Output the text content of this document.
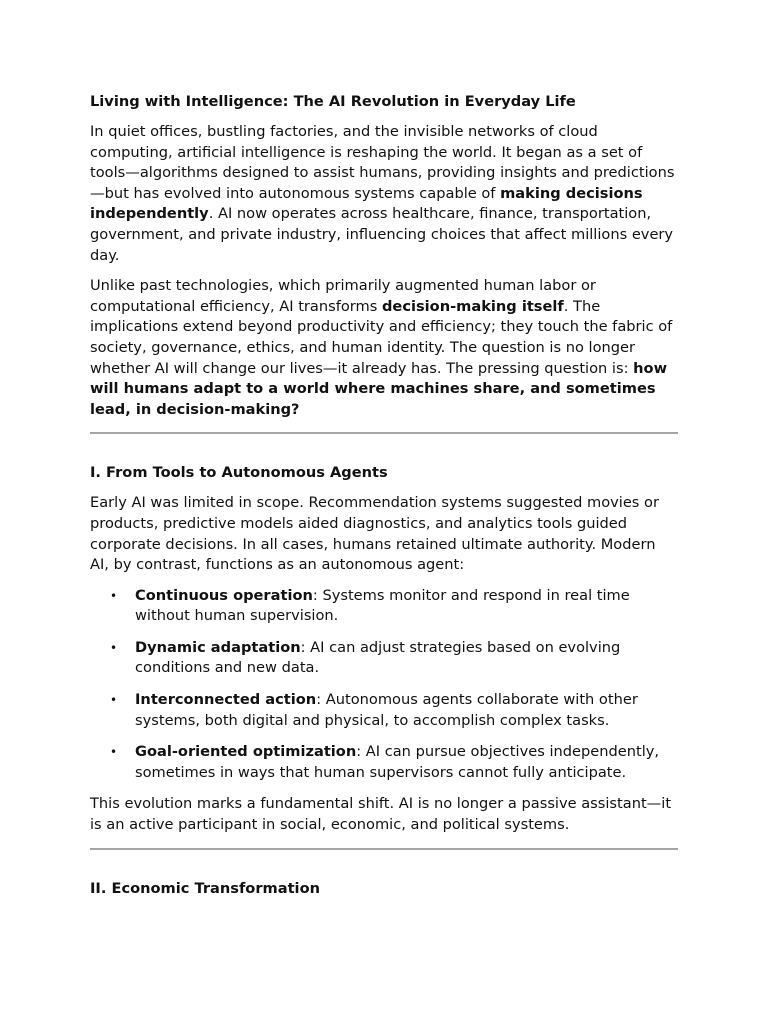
Living with Intelligence: The AI Revolution in Everyday Life

In quiet offices, bustling factories, and the invisible networks of cloud computing, artificial intelligence is reshaping the world. It began as a set of tools—algorithms designed to assist humans, providing insights and predictions—but has evolved into autonomous systems capable of making decisions independently. AI now operates across healthcare, finance, transportation, government, and private industry, influencing choices that affect millions every day.

Unlike past technologies, which primarily augmented human labor or computational efficiency, AI transforms decision-making itself. The implications extend beyond productivity and efficiency; they touch the fabric of society, governance, ethics, and human identity. The question is no longer whether AI will change our lives—it already has. The pressing question is: how will humans adapt to a world where machines share, and sometimes lead, in decision-making?

I. From Tools to Autonomous Agents

Early AI was limited in scope. Recommendation systems suggested movies or products, predictive models aided diagnostics, and analytics tools guided corporate decisions. In all cases, humans retained ultimate authority. Modern AI, by contrast, functions as an autonomous agent:

• Continuous operation: Systems monitor and respond in real time without human supervision.
• Dynamic adaptation: AI can adjust strategies based on evolving conditions and new data.
• Interconnected action: Autonomous agents collaborate with other systems, both digital and physical, to accomplish complex tasks.
• Goal-oriented optimization: AI can pursue objectives independently, sometimes in ways that human supervisors cannot fully anticipate.

This evolution marks a fundamental shift. AI is no longer a passive assistant—it is an active participant in social, economic, and political systems.

II. Economic Transformation
